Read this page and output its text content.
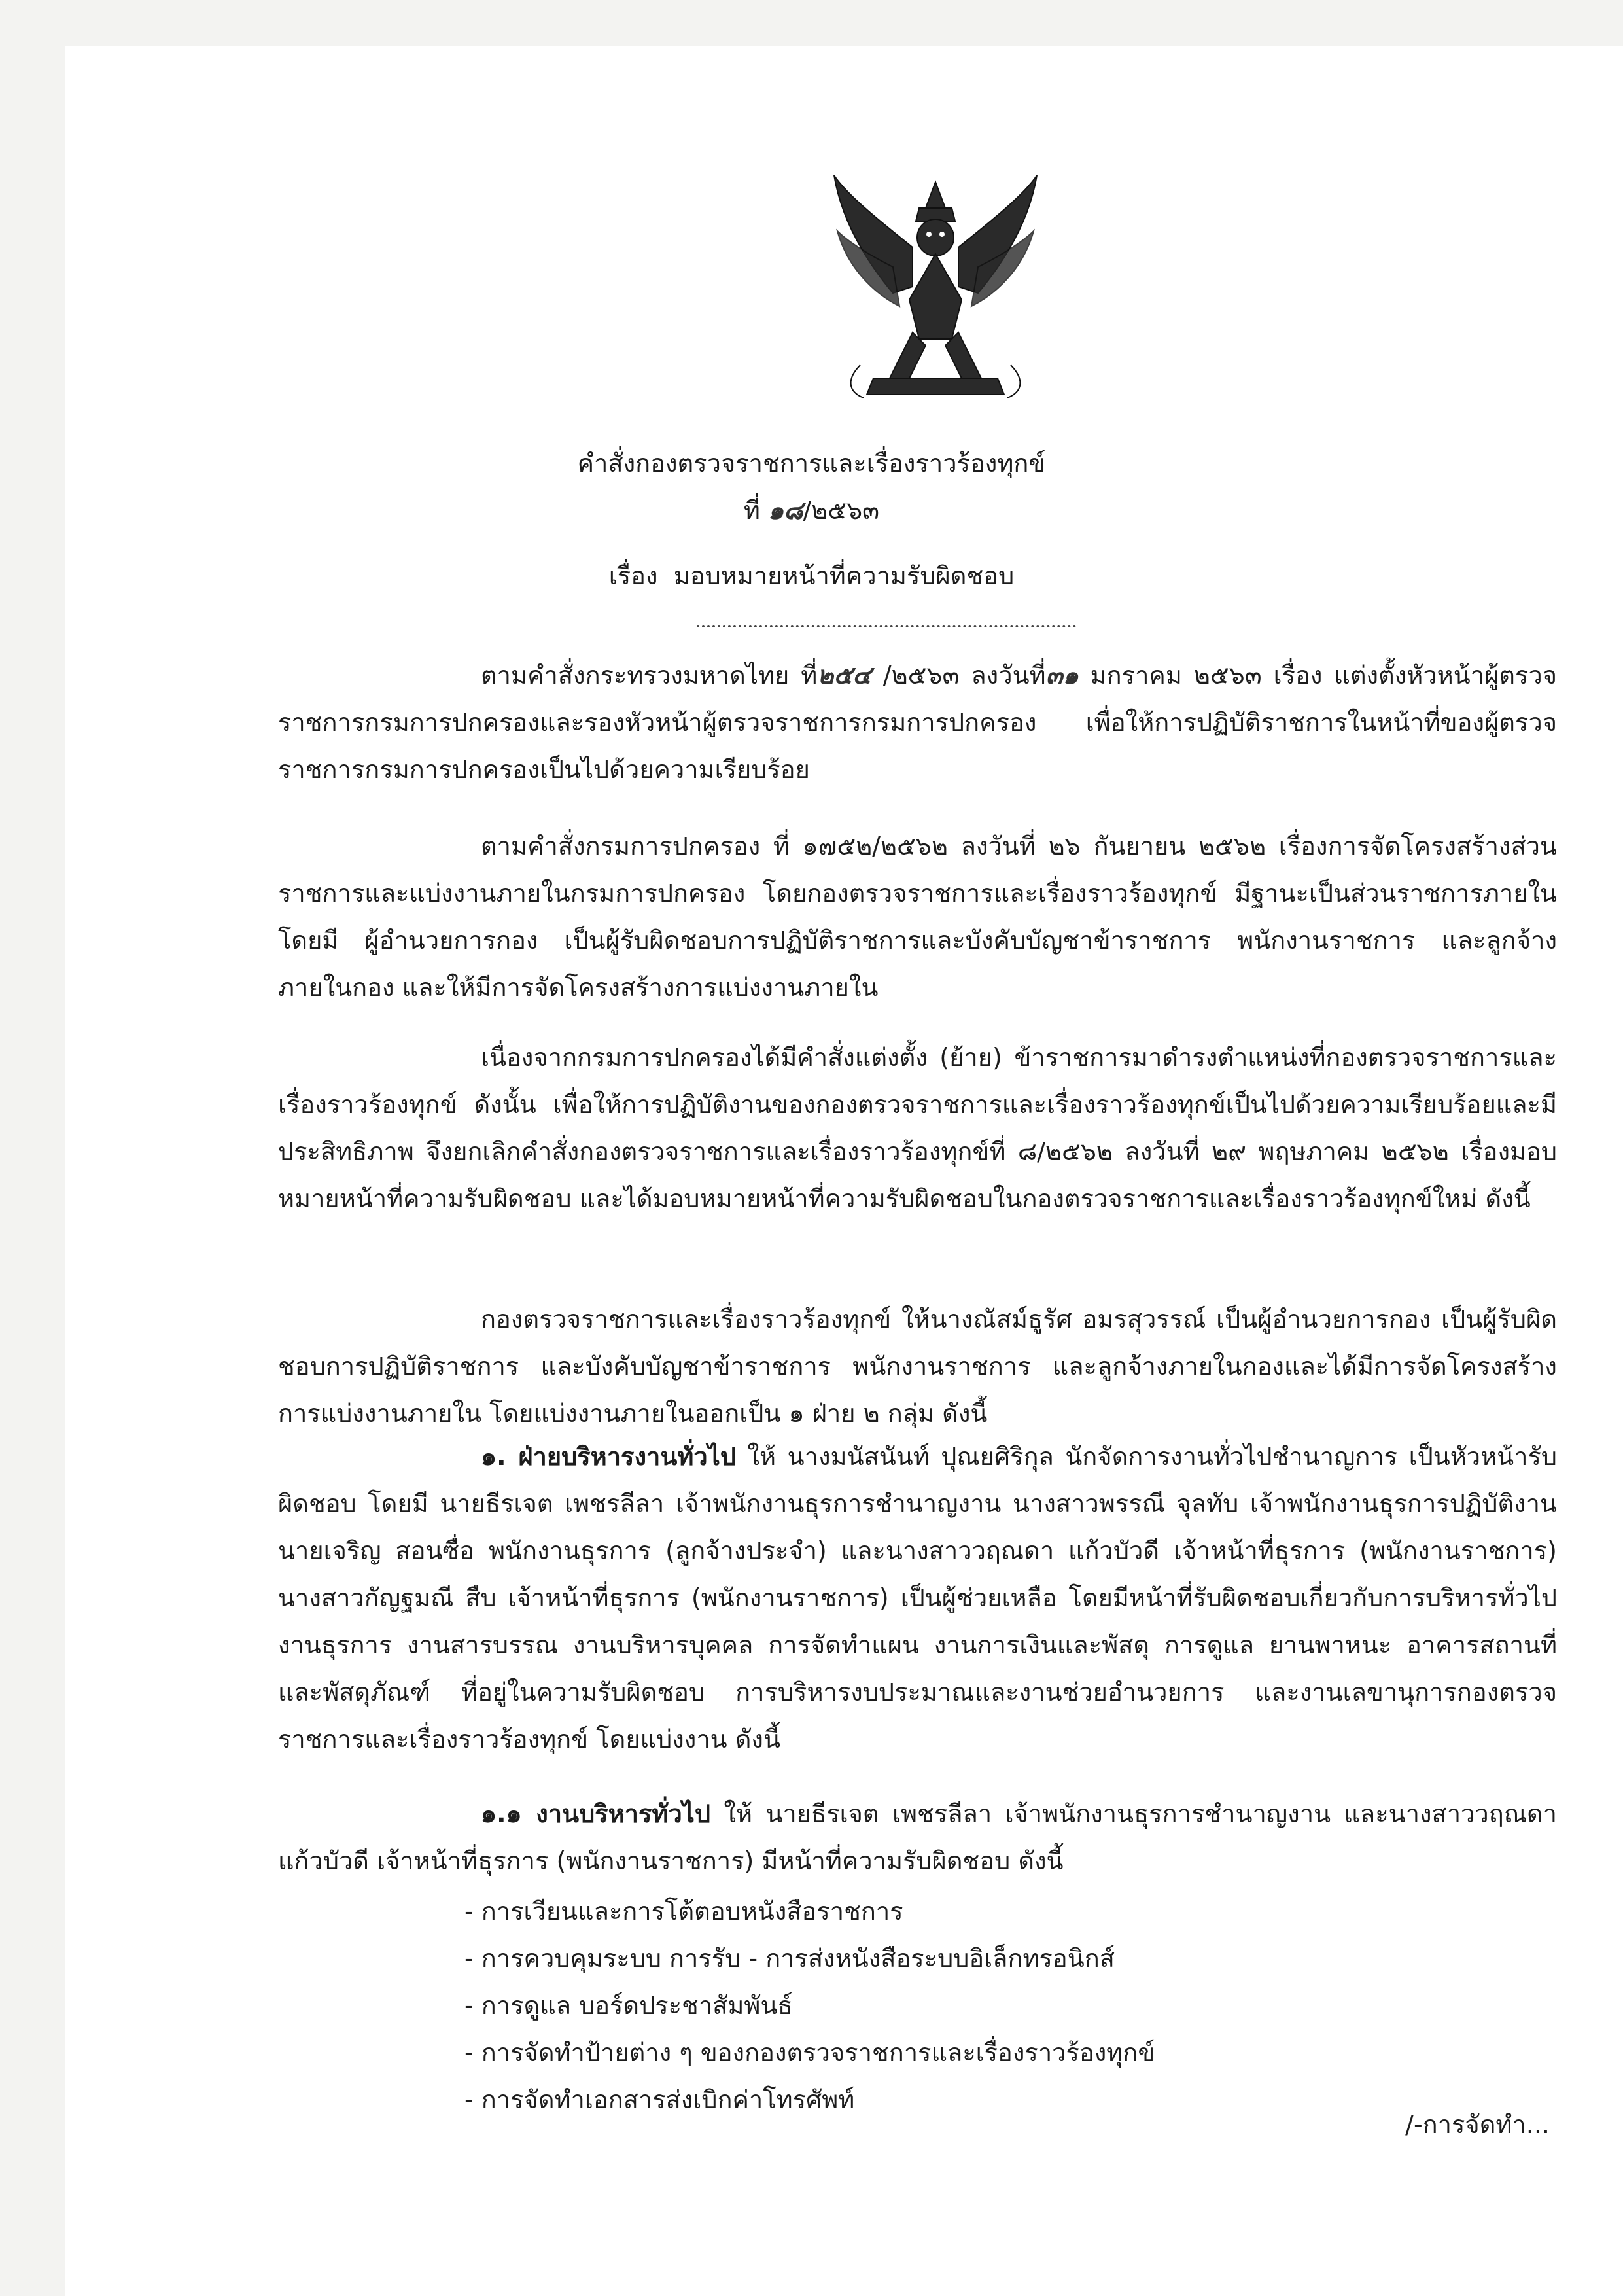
คำสั่งกองตรวจราชการและเรื่องราวร้องทุกข์
ที่ ๑๘/๒๕๖๓
เรื่อง มอบหมายหน้าที่ความรับผิดชอบ
ตามคำสั่งกระทรวงมหาดไทย ที่๒๕๔ /๒๕๖๓ ลงวันที่๓๑ มกราคม ๒๕๖๓ เรื่อง แต่งตั้งหัวหน้าผู้ตรวจราชการกรมการปกครองและรองหัวหน้าผู้ตรวจราชการกรมการปกครอง เพื่อให้การปฏิบัติราชการในหน้าที่ของผู้ตรวจราชการกรมการปกครองเป็นไปด้วยความเรียบร้อย
ตามคำสั่งกรมการปกครอง ที่ ๑๗๕๒/๒๕๖๒ ลงวันที่ ๒๖ กันยายน ๒๕๖๒ เรื่องการจัดโครงสร้างส่วนราชการและแบ่งงานภายในกรมการปกครอง โดยกองตรวจราชการและเรื่องราวร้องทุกข์ มีฐานะเป็นส่วนราชการภายใน โดยมี ผู้อำนวยการกอง เป็นผู้รับผิดชอบการปฏิบัติราชการและบังคับบัญชาข้าราชการ พนักงานราชการ และลูกจ้างภายในกอง และให้มีการจัดโครงสร้างการแบ่งงานภายใน
เนื่องจากกรมการปกครองได้มีคำสั่งแต่งตั้ง (ย้าย) ข้าราชการมาดำรงตำแหน่งที่กองตรวจราชการและเรื่องราวร้องทุกข์ ดังนั้น เพื่อให้การปฏิบัติงานของกองตรวจราชการและเรื่องราวร้องทุกข์เป็นไปด้วยความเรียบร้อยและมีประสิทธิภาพ จึงยกเลิกคำสั่งกองตรวจราชการและเรื่องราวร้องทุกข์ที่ ๘/๒๕๖๒ ลงวันที่ ๒๙ พฤษภาคม ๒๕๖๒ เรื่องมอบหมายหน้าที่ความรับผิดชอบ และได้มอบหมายหน้าที่ความรับผิดชอบในกองตรวจราชการและเรื่องราวร้องทุกข์ใหม่ ดังนี้
กองตรวจราชการและเรื่องราวร้องทุกข์ ให้นางณัสม์ธูรัศ อมรสุวรรณ์ เป็นผู้อำนวยการกอง เป็นผู้รับผิดชอบการปฏิบัติราชการ และบังคับบัญชาข้าราชการ พนักงานราชการ และลูกจ้างภายในกองและได้มีการจัดโครงสร้างการแบ่งงานภายใน โดยแบ่งงานภายในออกเป็น ๑ ฝ่าย ๒ กลุ่ม ดังนี้
๑. ฝ่ายบริหารงานทั่วไป ให้ นางมนัสนันท์ ปุณยศิริกุล นักจัดการงานทั่วไปชำนาญการ เป็นหัวหน้ารับผิดชอบ โดยมี นายธีรเจต เพชรลีลา เจ้าพนักงานธุรการชำนาญงาน นางสาวพรรณี จุลทับ เจ้าพนักงานธุรการปฏิบัติงาน นายเจริญ สอนซื่อ พนักงานธุรการ (ลูกจ้างประจำ) และนางสาววฤณดา แก้วบัวดี เจ้าหน้าที่ธุรการ (พนักงานราชการ) นางสาวกัญฐมณี สืบ เจ้าหน้าที่ธุรการ (พนักงานราชการ) เป็นผู้ช่วยเหลือ โดยมีหน้าที่รับผิดชอบเกี่ยวกับการบริหารทั่วไป งานธุรการ งานสารบรรณ งานบริหารบุคคล การจัดทำแผน งานการเงินและพัสดุ การดูแล ยานพาหนะ อาคารสถานที่ และพัสดุภัณฑ์ ที่อยู่ในความรับผิดชอบ การบริหารงบประมาณและงานช่วยอำนวยการ และงานเลขานุการกองตรวจราชการและเรื่องราวร้องทุกข์ โดยแบ่งงาน ดังนี้
๑.๑ งานบริหารทั่วไป ให้ นายธีรเจต เพชรลีลา เจ้าพนักงานธุรการชำนาญงาน และนางสาววฤณดา แก้วบัวดี เจ้าหน้าที่ธุรการ (พนักงานราชการ) มีหน้าที่ความรับผิดชอบ ดังนี้
- การเวียนและการโต้ตอบหนังสือราชการ
- การควบคุมระบบ การรับ - การส่งหนังสือระบบอิเล็กทรอนิกส์
- การดูแล บอร์ดประชาสัมพันธ์
- การจัดทำป้ายต่าง ๆ ของกองตรวจราชการและเรื่องราวร้องทุกข์
- การจัดทำเอกสารส่งเบิกค่าโทรศัพท์
/-การจัดทำ...
